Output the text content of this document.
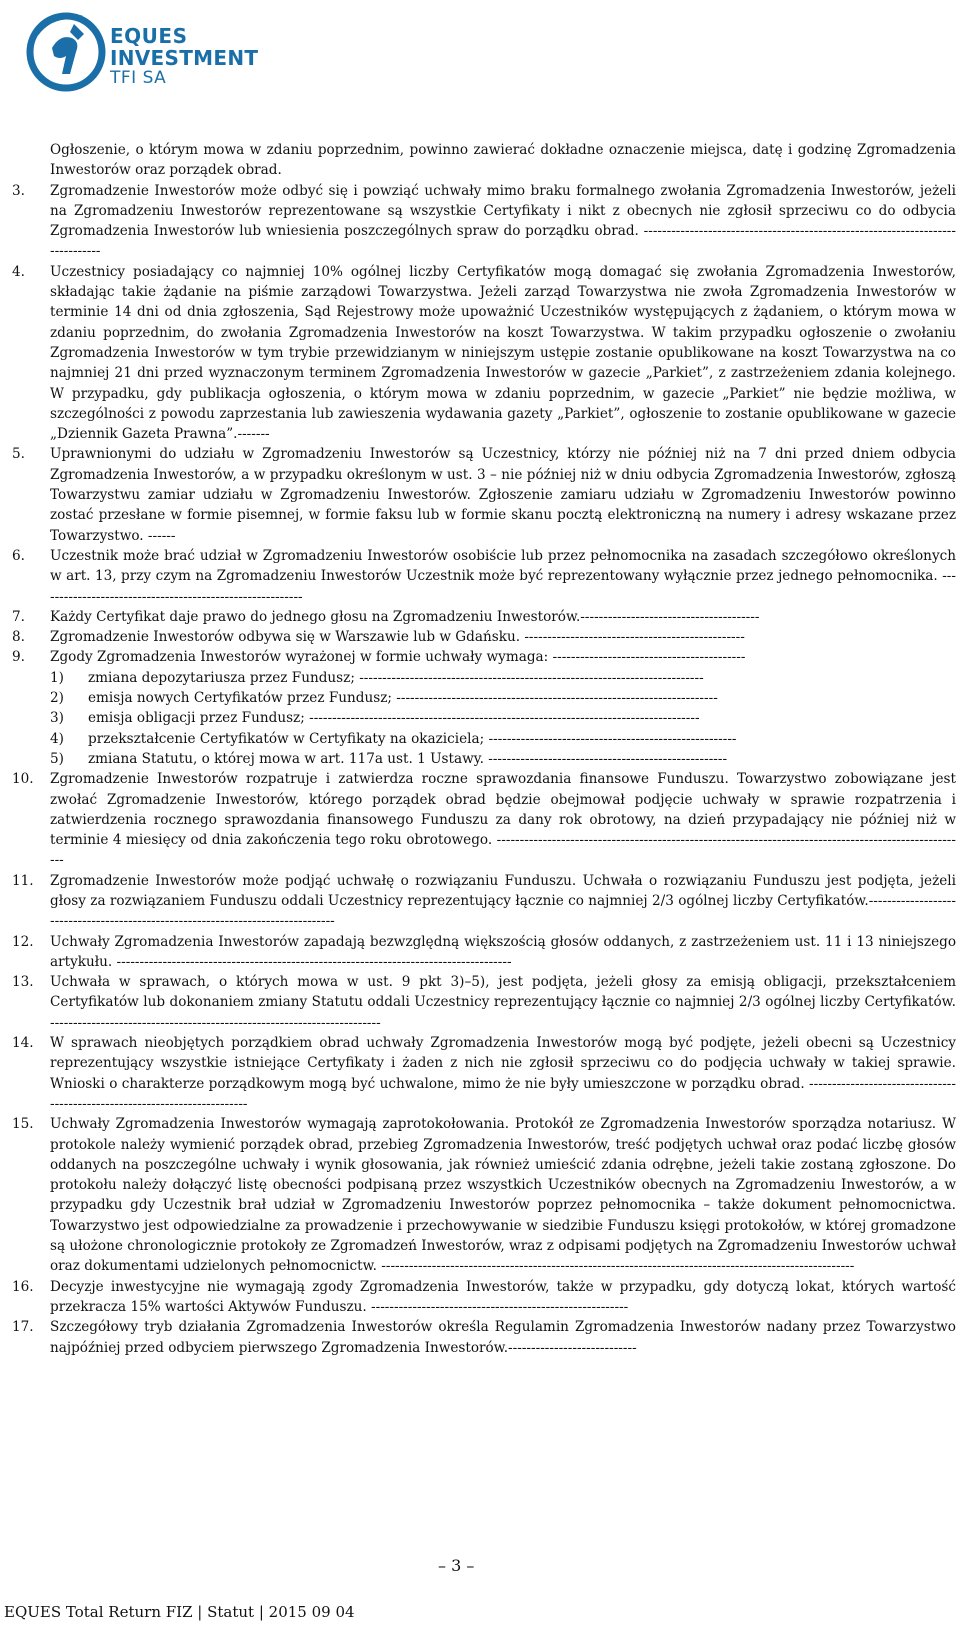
EQUES
INVESTMENT
TFI SA
Ogłoszenie, o którym mowa w zdaniu poprzednim, powinno zawierać dokładne oznaczenie miejsca, datę i godzinę Zgromadzenia Inwestorów oraz porządek obrad.
3.	Zgromadzenie Inwestorów może odbyć się i powziąć uchwały mimo braku formalnego zwołania Zgromadzenia Inwestorów, jeżeli na Zgromadzeniu Inwestorów reprezentowane są wszystkie Certyfikaty i nikt z obecnych nie zgłosił sprzeciwu co do odbycia Zgromadzenia Inwestorów lub wniesienia poszczególnych spraw do porządku obrad. -------------------------------------------------------------------------------
4.	Uczestnicy posiadający co najmniej 10% ogólnej liczby Certyfikatów mogą domagać się zwołania Zgromadzenia Inwestorów, składając takie żądanie na piśmie zarządowi Towarzystwa. Jeżeli zarząd Towarzystwa nie zwoła Zgromadzenia Inwestorów w terminie 14 dni od dnia zgłoszenia, Sąd Rejestrowy może upoważnić Uczestników występujących z żądaniem, o którym mowa w zdaniu poprzednim, do zwołania Zgromadzenia Inwestorów na koszt Towarzystwa. W takim przypadku ogłoszenie o zwołaniu Zgromadzenia Inwestorów w tym trybie przewidzianym w niniejszym ustępie zostanie opublikowane na koszt Towarzystwa na co najmniej 21 dni przed wyznaczonym terminem Zgromadzenia Inwestorów w gazecie „Parkiet”, z zastrzeżeniem zdania kolejnego. W przypadku, gdy publikacja ogłoszenia, o którym mowa w zdaniu poprzednim, w gazecie „Parkiet” nie będzie możliwa, w szczególności z powodu zaprzestania lub zawieszenia wydawania gazety „Parkiet”, ogłoszenie to zostanie opublikowane w gazecie „Dziennik Gazeta Prawna”.-------
5.	Uprawnionymi do udziału w Zgromadzeniu Inwestorów są Uczestnicy, którzy nie później niż na 7 dni przed dniem odbycia Zgromadzenia Inwestorów, a w przypadku określonym w ust. 3 – nie później niż w dniu odbycia Zgromadzenia Inwestorów, zgłoszą Towarzystwu zamiar udziału w Zgromadzeniu Inwestorów. Zgłoszenie zamiaru udziału w Zgromadzeniu Inwestorów powinno zostać przesłane w formie pisemnej, w formie faksu lub w formie skanu pocztą elektroniczną na numery i adresy wskazane przez Towarzystwo. ------
6.	Uczestnik może brać udział w Zgromadzeniu Inwestorów osobiście lub przez pełnomocnika na zasadach szczegółowo określonych w art. 13, przy czym na Zgromadzeniu Inwestorów Uczestnik może być reprezentowany wyłącznie przez jednego pełnomocnika. ----------------------------------------------------------
7.	Każdy Certyfikat daje prawo do jednego głosu na Zgromadzeniu Inwestorów.---------------------------------------
8.	Zgromadzenie Inwestorów odbywa się w Warszawie lub w Gdańsku. ------------------------------------------------
9.	Zgody Zgromadzenia Inwestorów wyrażonej w formie uchwały wymaga: ------------------------------------------
1) zmiana depozytariusza przez Fundusz; ---------------------------------------------------------------------------
2) emisja nowych Certyfikatów przez Fundusz; ----------------------------------------------------------------------
3) emisja obligacji przez Fundusz; -------------------------------------------------------------------------------------
4) przekształcenie Certyfikatów w Certyfikaty na okaziciela; ------------------------------------------------------
5) zmiana Statutu, o której mowa w art. 117a ust. 1 Ustawy. ----------------------------------------------------
10.	Zgromadzenie Inwestorów rozpatruje i zatwierdza roczne sprawozdania finansowe Funduszu. Towarzystwo zobowiązane jest zwołać Zgromadzenie Inwestorów, którego porządek obrad będzie obejmował podjęcie uchwały w sprawie rozpatrzenia i zatwierdzenia rocznego sprawozdania finansowego Funduszu za dany rok obrotowy, na dzień przypadający nie później niż w terminie 4 miesięcy od dnia zakończenia tego roku obrotowego. -------------------------------------------------------------------------------------------------------
11.	Zgromadzenie Inwestorów może podjąć uchwałę o rozwiązaniu Funduszu. Uchwała o rozwiązaniu Funduszu jest podjęta, jeżeli głosy za rozwiązaniem Funduszu oddali Uczestnicy reprezentujący łącznie co najmniej 2/3 ogólnej liczby Certyfikatów.---------------------------------------------------------------------------------
12.	Uchwały Zgromadzenia Inwestorów zapadają bezwzględną większością głosów oddanych, z zastrzeżeniem ust. 11 i 13 niniejszego artykułu. --------------------------------------------------------------------------------------
13.	Uchwała w sprawach, o których mowa w ust. 9 pkt 3)–5), jest podjęta, jeżeli głosy za emisją obligacji, przekształceniem Certyfikatów lub dokonaniem zmiany Statutu oddali Uczestnicy reprezentujący łącznie co najmniej 2/3 ogólnej liczby Certyfikatów. ------------------------------------------------------------------------
14.	W sprawach nieobjętych porządkiem obrad uchwały Zgromadzenia Inwestorów mogą być podjęte, jeżeli obecni są Uczestnicy reprezentujący wszystkie istniejące Certyfikaty i żaden z nich nie zgłosił sprzeciwu co do podjęcia uchwały w takiej sprawie. Wnioski o charakterze porządkowym mogą być uchwalone, mimo że nie były umieszczone w porządku obrad. ---------------------------------------------------------------------------
15.	Uchwały Zgromadzenia Inwestorów wymagają zaprotokołowania. Protokół ze Zgromadzenia Inwestorów sporządza notariusz. W protokole należy wymienić porządek obrad, przebieg Zgromadzenia Inwestorów, treść podjętych uchwał oraz podać liczbę głosów oddanych na poszczególne uchwały i wynik głosowania, jak również umieścić zdania odrębne, jeżeli takie zostaną zgłoszone. Do protokołu należy dołączyć listę obecności podpisaną przez wszystkich Uczestników obecnych na Zgromadzeniu Inwestorów, a w przypadku gdy Uczestnik brał udział w Zgromadzeniu Inwestorów poprzez pełnomocnika – także dokument pełnomocnictwa. Towarzystwo jest odpowiedzialne za prowadzenie i przechowywanie w siedzibie Funduszu księgi protokołów, w której gromadzone są ułożone chronologicznie protokoły ze Zgromadzeń Inwestorów, wraz z odpisami podjętych na Zgromadzeniu Inwestorów uchwał oraz dokumentami udzielonych pełnomocnictw. -------------------------------------------------------------------------------------------------------
16.	Decyzje inwestycyjne nie wymagają zgody Zgromadzenia Inwestorów, także w przypadku, gdy dotyczą lokat, których wartość przekracza 15% wartości Aktywów Funduszu. --------------------------------------------------------
17.	Szczegółowy tryb działania Zgromadzenia Inwestorów określa Regulamin Zgromadzenia Inwestorów nadany przez Towarzystwo najpóźniej przed odbyciem pierwszego Zgromadzenia Inwestorów.----------------------------
– 3 –
EQUES Total Return FIZ | Statut | 2015 09 04
